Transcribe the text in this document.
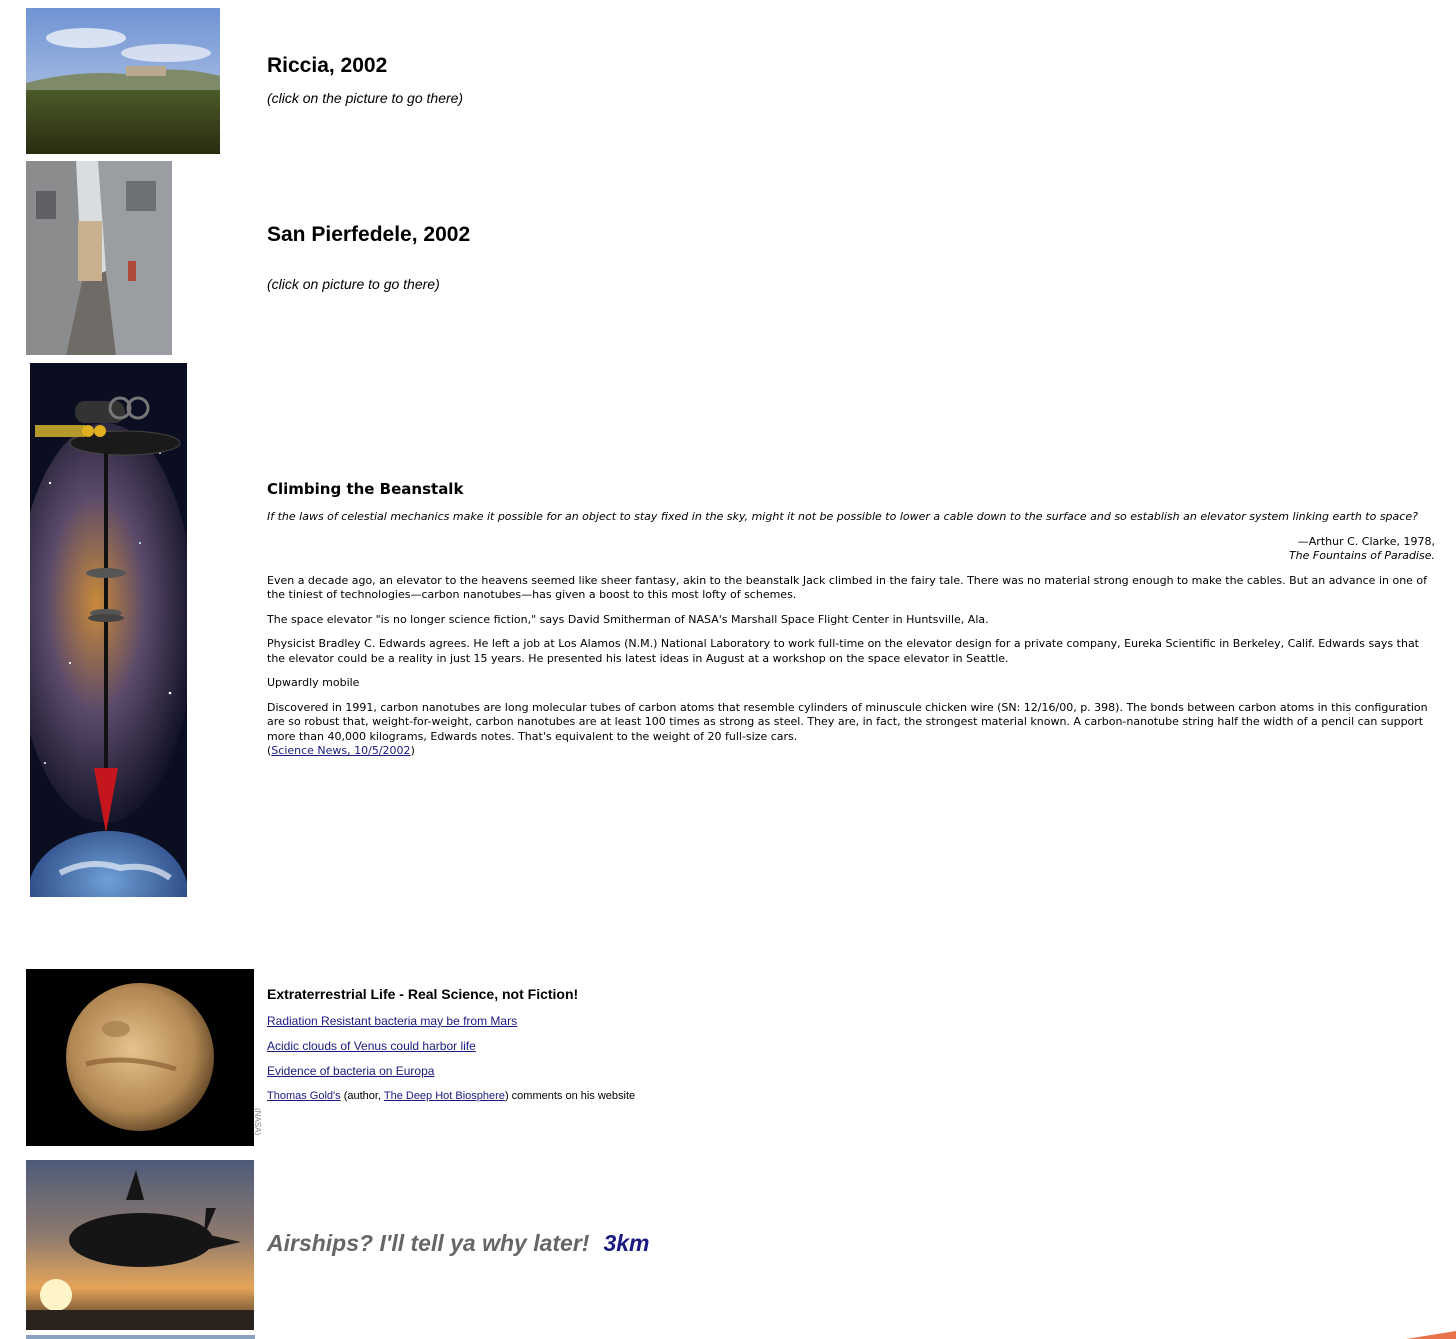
Riccia, 2002

(click on the picture to go there)

San Pierfedele, 2002

(click on picture to go there)

Climbing the Beanstalk

If the laws of celestial mechanics make it possible for an object to stay fixed in the sky, might it not be possible to lower a cable down to the surface and so establish an elevator system linking earth to space?

—Arthur C. Clarke, 1978,
The Fountains of Paradise.

Even a decade ago, an elevator to the heavens seemed like sheer fantasy, akin to the beanstalk Jack climbed in the fairy tale. There was no material strong enough to make the cables. But an advance in one of the tiniest of technologies—carbon nanotubes—has given a boost to this most lofty of schemes.

The space elevator "is no longer science fiction," says David Smitherman of NASA's Marshall Space Flight Center in Huntsville, Ala.

Physicist Bradley C. Edwards agrees. He left a job at Los Alamos (N.M.) National Laboratory to work full-time on the elevator design for a private company, Eureka Scientific in Berkeley, Calif. Edwards says that the elevator could be a reality in just 15 years. He presented his latest ideas in August at a workshop on the space elevator in Seattle.

Upwardly mobile

Discovered in 1991, carbon nanotubes are long molecular tubes of carbon atoms that resemble cylinders of minuscule chicken wire (SN: 12/16/00, p. 398). The bonds between carbon atoms in this configuration are so robust that, weight-for-weight, carbon nanotubes are at least 100 times as strong as steel. They are, in fact, the strongest material known. A carbon-nanotube string half the width of a pencil can support more than 40,000 kilograms, Edwards notes. That's equivalent to the weight of 20 full-size cars.

(Science News, 10/5/2002)
(NASA)
Extraterrestrial Life - Real Science, not Fiction!

Radiation Resistant bacteria may be from Mars

Acidic clouds of Venus could harbor life

Evidence of bacteria on Europa

Thomas Gold's (author, The Deep Hot Biosphere) comments on his website

Airships? I'll tell ya why later! 3km
